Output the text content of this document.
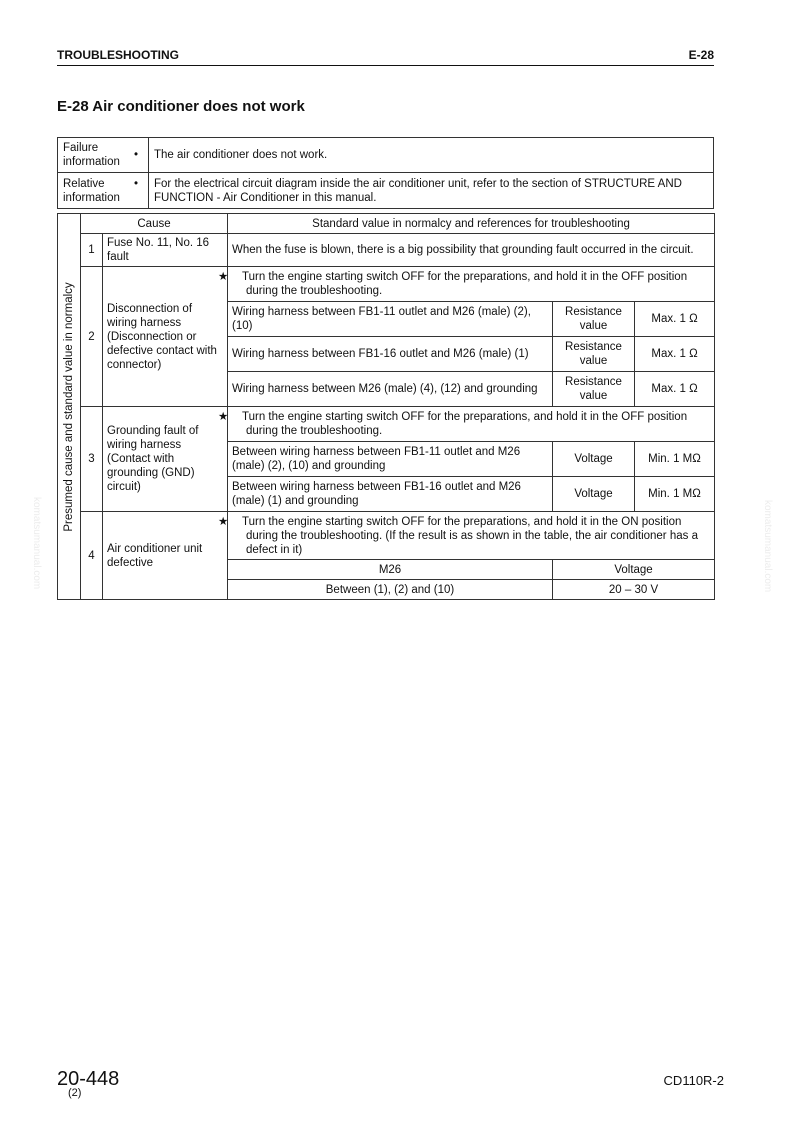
TROUBLESHOOTING	E-28
E-28 Air conditioner does not work
Failure information	• The air conditioner does not work.
Relative information	• For the electrical circuit diagram inside the air conditioner unit, refer to the section of STRUCTURE AND FUNCTION - Air Conditioner in this manual.
Presumed cause and standard value in normalcy	Cause		Standard value in normalcy and references for troubleshooting		
	1	Fuse No. 11, No. 16 fault	When the fuse is blown, there is a big possibility that grounding fault occurred in the circuit.		
	2	Disconnection of wiring harness (Disconnection or defective contact with connector)	★ Turn the engine starting switch OFF for the preparations, and hold it in the OFF position during the troubleshooting.		
			Wiring harness between FB1-11 outlet and M26 (male) (2), (10)	Resistance value	Max. 1 Ω
			Wiring harness between FB1-16 outlet and M26 (male) (1)	Resistance value	Max. 1 Ω
			Wiring harness between M26 (male) (4), (12) and grounding	Resistance value	Max. 1 Ω
	3	Grounding fault of wiring harness (Contact with grounding (GND) circuit)	★ Turn the engine starting switch OFF for the preparations, and hold it in the OFF position during the troubleshooting.		
			Between wiring harness between FB1-11 outlet and M26 (male) (2), (10) and grounding	Voltage	Min. 1 MΩ
			Between wiring harness between FB1-16 outlet and M26 (male) (1) and grounding	Voltage	Min. 1 MΩ
	4	Air conditioner unit defective	★ Turn the engine starting switch OFF for the preparations, and hold it in the ON position during the troubleshooting. (If the result is as shown in the table, the air conditioner has a defect in it)		
			M26	Voltage	
			Between (1), (2) and (10)	20 – 30 V	
komatsumanual.com	komatsumanual.com
20-448
(2)
CD110R-2
